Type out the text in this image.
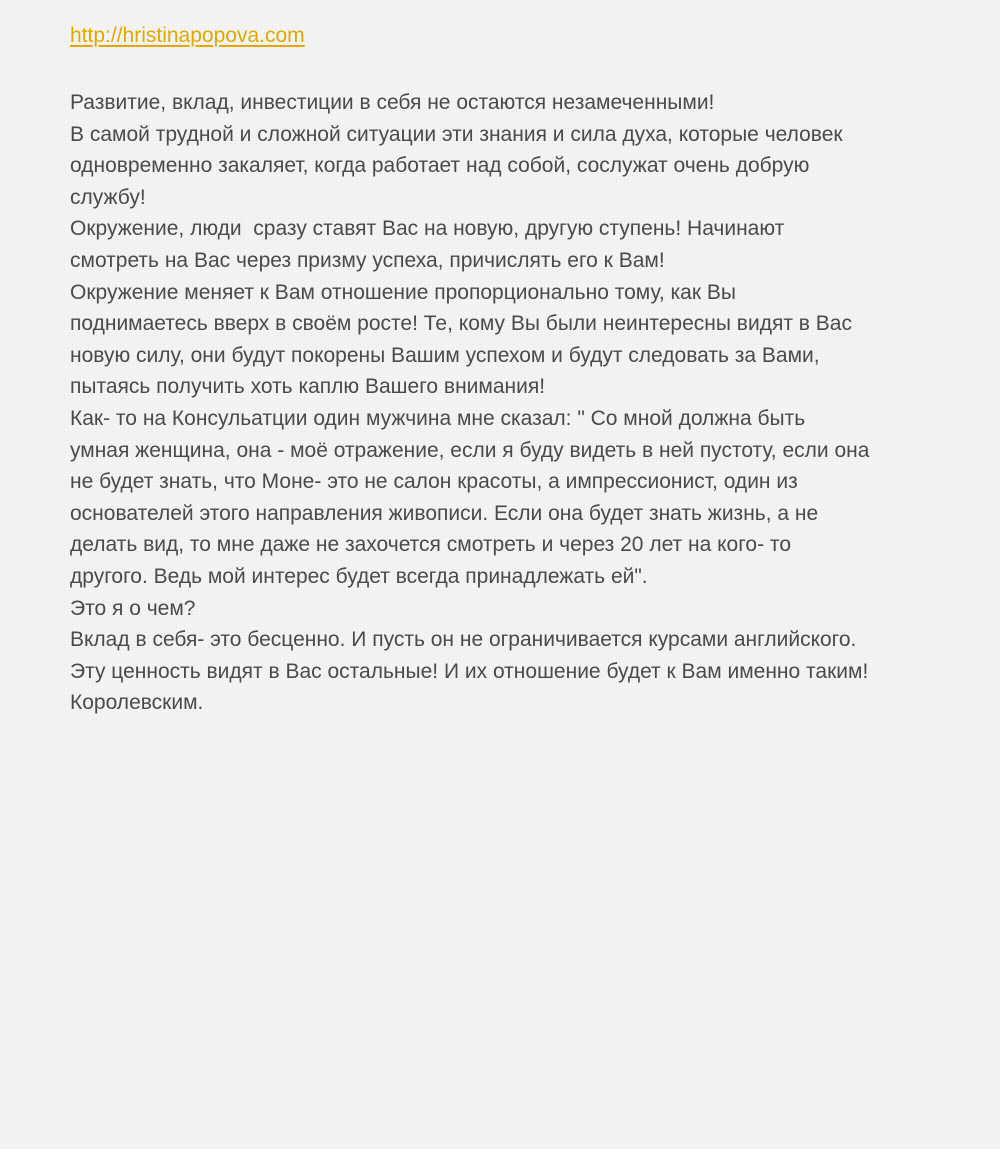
http://hristinapopova.com
Развитие, вклад, инвестиции в себя не остаются незамеченными!
В самой трудной и сложной ситуации эти знания и сила духа, которые человек
одновременно закаляет, когда работает над собой, сослужат очень добрую
службу!
Окружение, люди  сразу ставят Вас на новую, другую ступень! Начинают
смотреть на Вас через призму успеха, причислять его к Вам!
Окружение меняет к Вам отношение пропорционально тому, как Вы
поднимаетесь вверх в своём росте! Те, кому Вы были неинтересны видят в Вас
новую силу, они будут покорены Вашим успехом и будут следовать за Вами,
пытаясь получить хоть каплю Вашего внимания!
Как- то на Консульатции один мужчина мне сказал: " Со мной должна быть
умная женщина, она - моё отражение, если я буду видеть в ней пустоту, если она
не будет знать, что Моне- это не салон красоты, а импрессионист, один из
основателей этого направления живописи. Если она будет знать жизнь, а не
делать вид, то мне даже не захочется смотреть и через 20 лет на кого- то
другого. Ведь мой интерес будет всегда принадлежать ей".
Это я о чем?
Вклад в себя- это бесценно. И пусть он не ограничивается курсами английского.
Эту ценность видят в Вас остальные! И их отношение будет к Вам именно таким!
Королевским.
